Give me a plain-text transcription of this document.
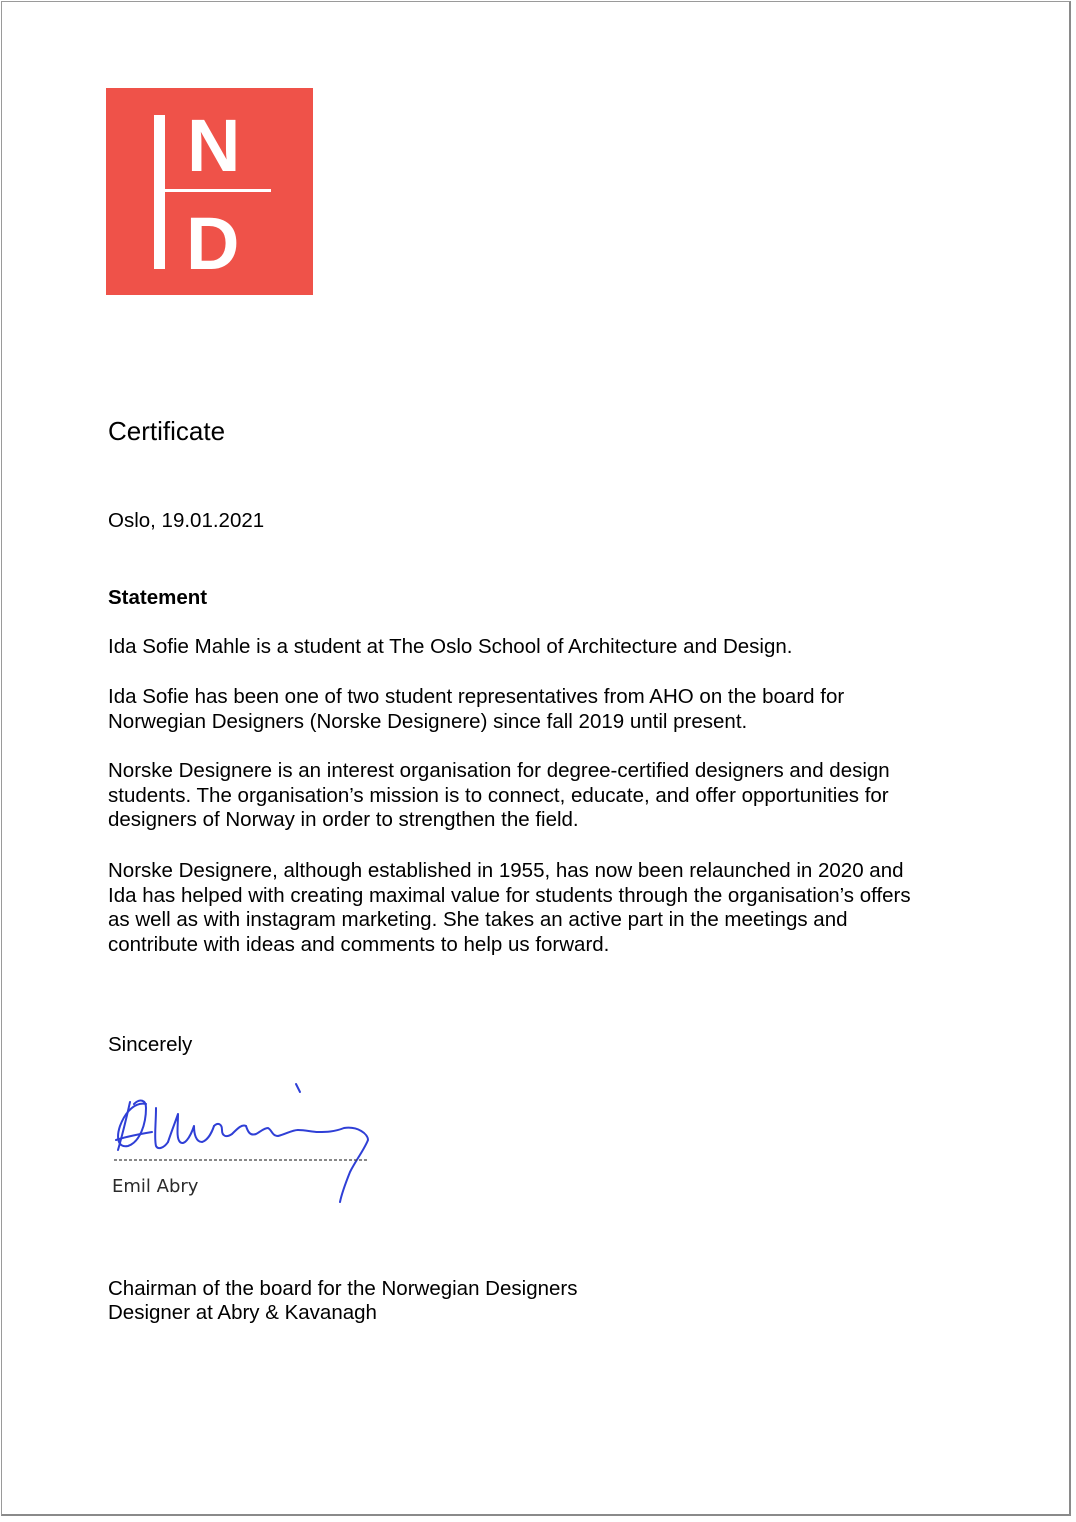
N
D
Certificate
Oslo, 19.01.2021
Statement
Ida Sofie Mahle is a student at The Oslo School of Architecture and Design.
Ida Sofie has been one of two student representatives from AHO on the board for
Norwegian Designers (Norske Designere) since fall 2019 until present.
Norske Designere is an interest organisation for degree-certified designers and design
students. The organisation’s mission is to connect, educate, and offer opportunities for
designers of Norway in order to strengthen the field.
Norske Designere, although established in 1955, has now been relaunched in 2020 and
Ida has helped with creating maximal value for students through the organisation’s offers
as well as with instagram marketing. She takes an active part in the meetings and
contribute with ideas and comments to help us forward.
Sincerely
Emil Abry
Chairman of the board for the Norwegian Designers
Designer at Abry & Kavanagh
